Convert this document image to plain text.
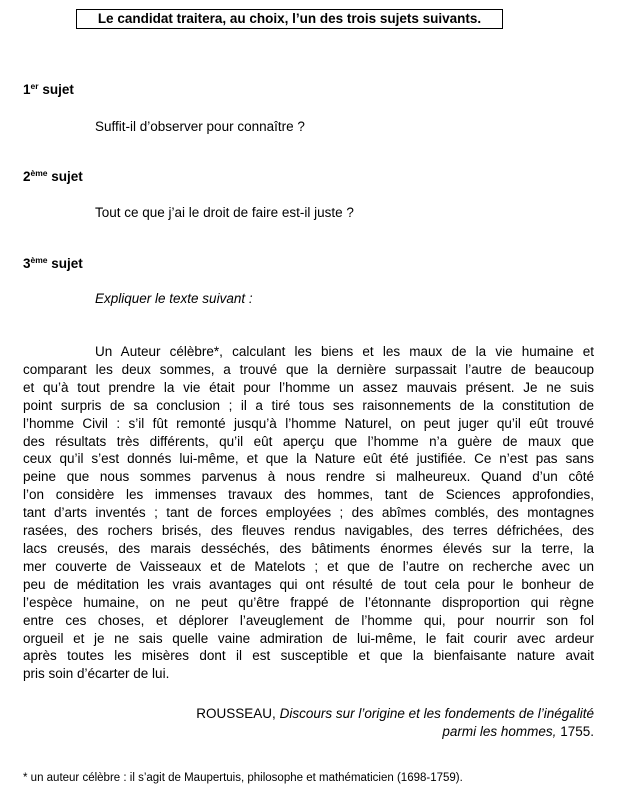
Le candidat traitera, au choix, l’un des trois sujets suivants.
1er sujet
Suffit-il d’observer pour connaître ?
2ème sujet
Tout ce que j’ai le droit de faire est-il juste ?
3ème sujet
Expliquer le texte suivant :
Un Auteur célèbre*, calculant les biens et les maux de la vie humaine et
comparant les deux sommes, a trouvé que la dernière surpassait l’autre de beaucoup
et qu’à tout prendre la vie était pour l’homme un assez mauvais présent. Je ne suis
point surpris de sa conclusion ; il a tiré tous ses raisonnements de la constitution de
l’homme Civil : s’il fût remonté jusqu’à l’homme Naturel, on peut juger qu’il eût trouvé
des résultats très différents, qu’il eût aperçu que l’homme n’a guère de maux que
ceux qu’il s’est donnés lui-même, et que la Nature eût été justifiée. Ce n’est pas sans
peine que nous sommes parvenus à nous rendre si malheureux. Quand d’un côté
l’on considère les immenses travaux des hommes, tant de Sciences approfondies,
tant d’arts inventés ; tant de forces employées ; des abîmes comblés, des montagnes
rasées, des rochers brisés, des fleuves rendus navigables, des terres défrichées, des
lacs creusés, des marais desséchés, des bâtiments énormes élevés sur la terre, la
mer couverte de Vaisseaux et de Matelots ; et que de l’autre on recherche avec un
peu de méditation les vrais avantages qui ont résulté de tout cela pour le bonheur de
l’espèce humaine, on ne peut qu’être frappé de l’étonnante disproportion qui règne
entre ces choses, et déplorer l’aveuglement de l’homme qui, pour nourrir son fol
orgueil et je ne sais quelle vaine admiration de lui-même, le fait courir avec ardeur
après toutes les misères dont il est susceptible et que la bienfaisante nature avait
pris soin d’écarter de lui.
ROUSSEAU, Discours sur l’origine et les fondements de l’inégalité
parmi les hommes, 1755.
* un auteur célèbre : il s’agit de Maupertuis, philosophe et mathématicien (1698-1759).
